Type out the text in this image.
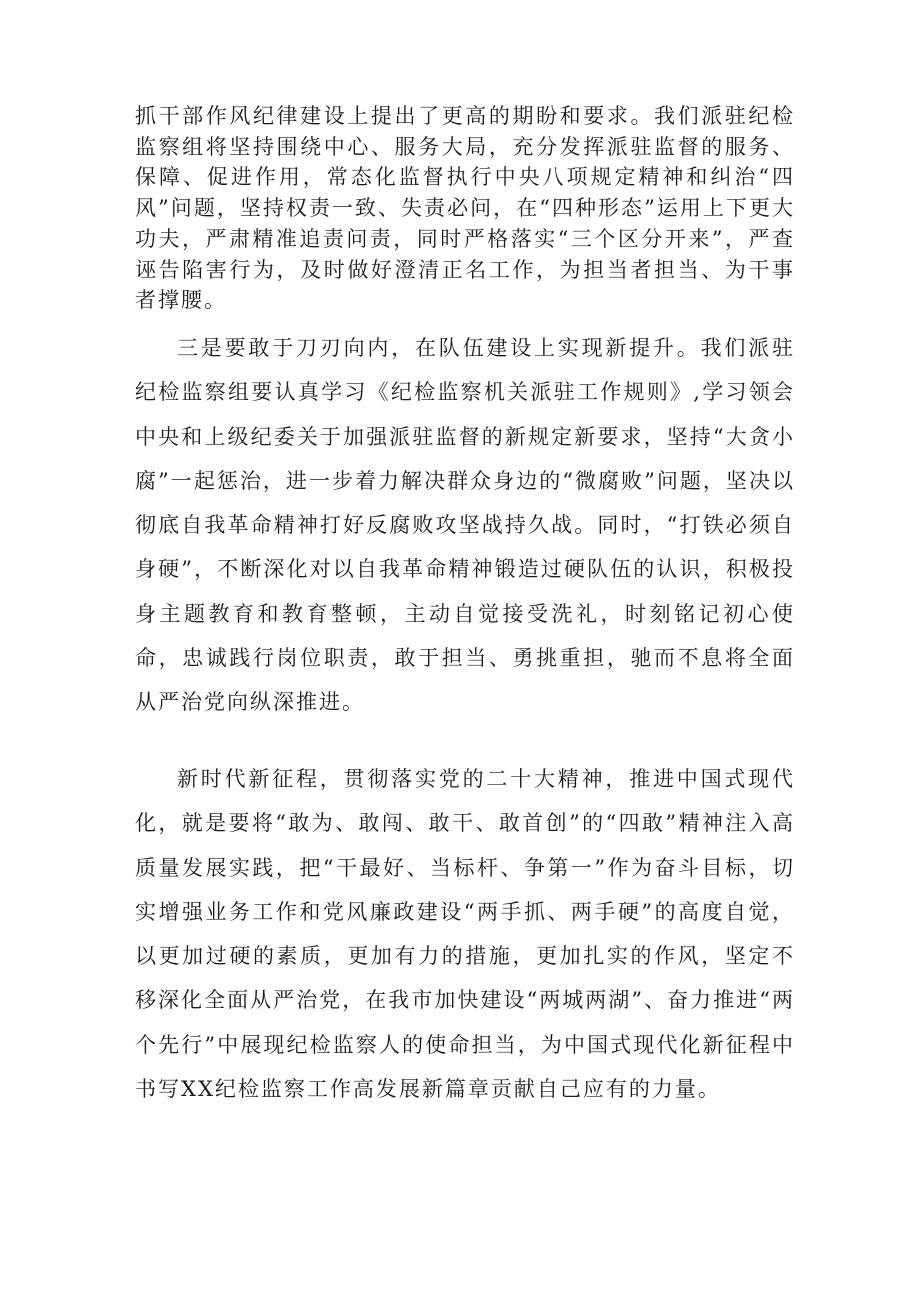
抓干部作风纪律建设上提出了更高的期盼和要求。我们派驻纪检监察组将坚持围绕中心、服务大局，充分发挥派驻监督的服务、保障、促进作用，常态化监督执行中央八项规定精神和纠治“四风”问题，坚持权责一致、失责必问，在“四种形态”运用上下更大功夫，严肃精准追责问责，同时严格落实“三个区分开来”，严查诬告陷害行为，及时做好澄清正名工作，为担当者担当、为干事者撑腰。

三是要敢于刀刃向内，在队伍建设上实现新提升。我们派驻纪检监察组要认真学习《纪检监察机关派驻工作规则》,学习领会中央和上级纪委关于加强派驻监督的新规定新要求，坚持“大贪小腐”一起惩治，进一步着力解决群众身边的“微腐败”问题，坚决以彻底自我革命精神打好反腐败攻坚战持久战。同时，“打铁必须自身硬”，不断深化对以自我革命精神锻造过硬队伍的认识，积极投身主题教育和教育整顿，主动自觉接受洗礼，时刻铭记初心使命，忠诚践行岗位职责，敢于担当、勇挑重担，驰而不息将全面从严治党向纵深推进。

新时代新征程，贯彻落实党的二十大精神，推进中国式现代化，就是要将“敢为、敢闯、敢干、敢首创”的“四敢”精神注入高质量发展实践，把“干最好、当标杆、争第一”作为奋斗目标，切实增强业务工作和党风廉政建设“两手抓、两手硬”的高度自觉，以更加过硬的素质，更加有力的措施，更加扎实的作风，坚定不移深化全面从严治党，在我市加快建设“两城两湖”、奋力推进“两个先行”中展现纪检监察人的使命担当，为中国式现代化新征程中书写XX纪检监察工作高发展新篇章贡献自己应有的力量。
